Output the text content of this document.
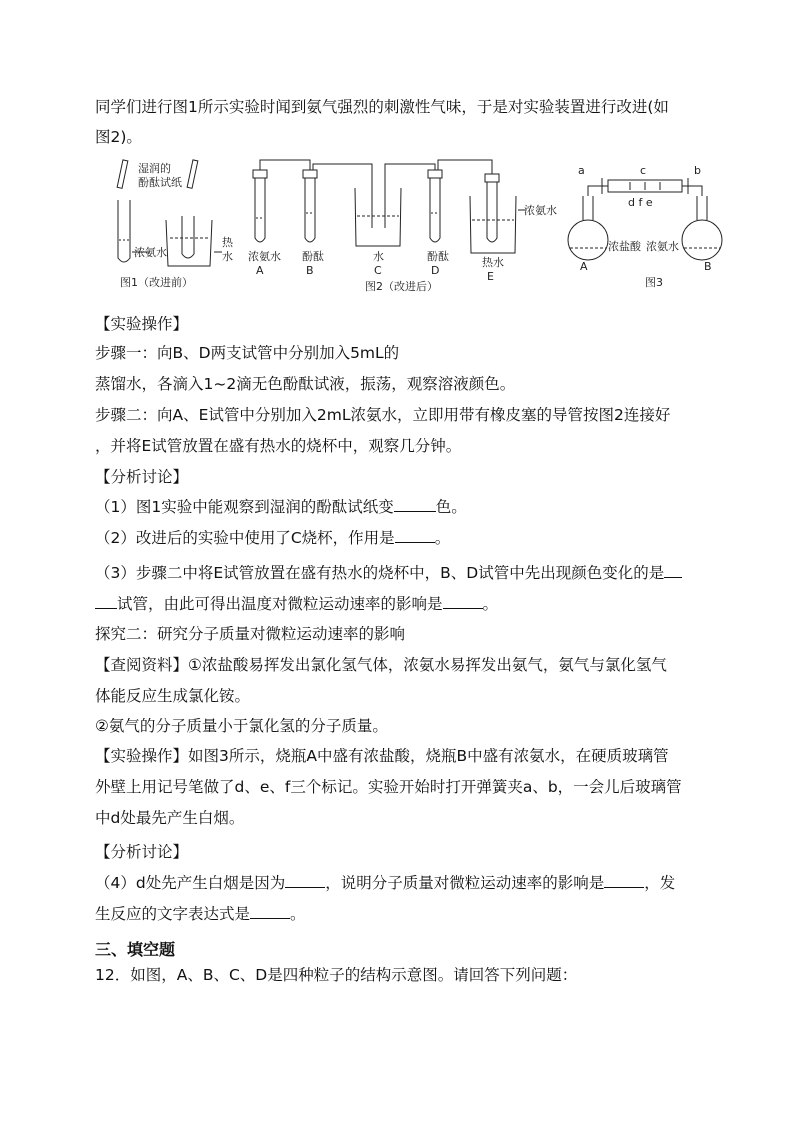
同学们进行图1所示实验时闻到氨气强烈的刺激性气味，于是对实验装置进行改进(如
图2)。
湿润的
酚酞试纸
浓氨水
热
水
图1（改进前）
浓氨水 酚酞	水	酚酞	热水
浓氨水
A	B	C	D	E
图2（改进后）
a	b
c
d f e
浓盐酸 浓氨水
A	B
图3
【实验操作】
步骤一：向B、D两支试管中分别加入5mL的
蒸馏水，各滴入1~2滴无色酚酞试液，振荡，观察溶液颜色。
步骤二：向A、E试管中分别加入2mL浓氨水，立即用带有橡皮塞的导管按图2连接好
，并将E试管放置在盛有热水的烧杯中，观察几分钟。
【分析讨论】
（1）图1实验中能观察到湿润的酚酞试纸变	色。
（2）改进后的实验中使用了C烧杯，作用是	。
（3）步骤二中将E试管放置在盛有热水的烧杯中，B、D试管中先出现颜色变化的是
试管，由此可得出温度对微粒运动速率的影响是	。
探究二：研究分子质量对微粒运动速率的影响
【查阅资料】①浓盐酸易挥发出氯化氢气体，浓氨水易挥发出氨气，氨气与氯化氢气
体能反应生成氯化铵。
②氨气的分子质量小于氯化氢的分子质量。
【实验操作】如图3所示，烧瓶A中盛有浓盐酸，烧瓶B中盛有浓氨水，在硬质玻璃管
外壁上用记号笔做了d、e、f三个标记。实验开始时打开弹簧夹a、b，一会儿后玻璃管
中d处最先产生白烟。
【分析讨论】
（4）d处先产生白烟是因为	，说明分子质量对微粒运动速率的影响是	，发
生反应的文字表达式是	。
三、填空题
12．如图，A、B、C、D是四种粒子的结构示意图。请回答下列问题：
